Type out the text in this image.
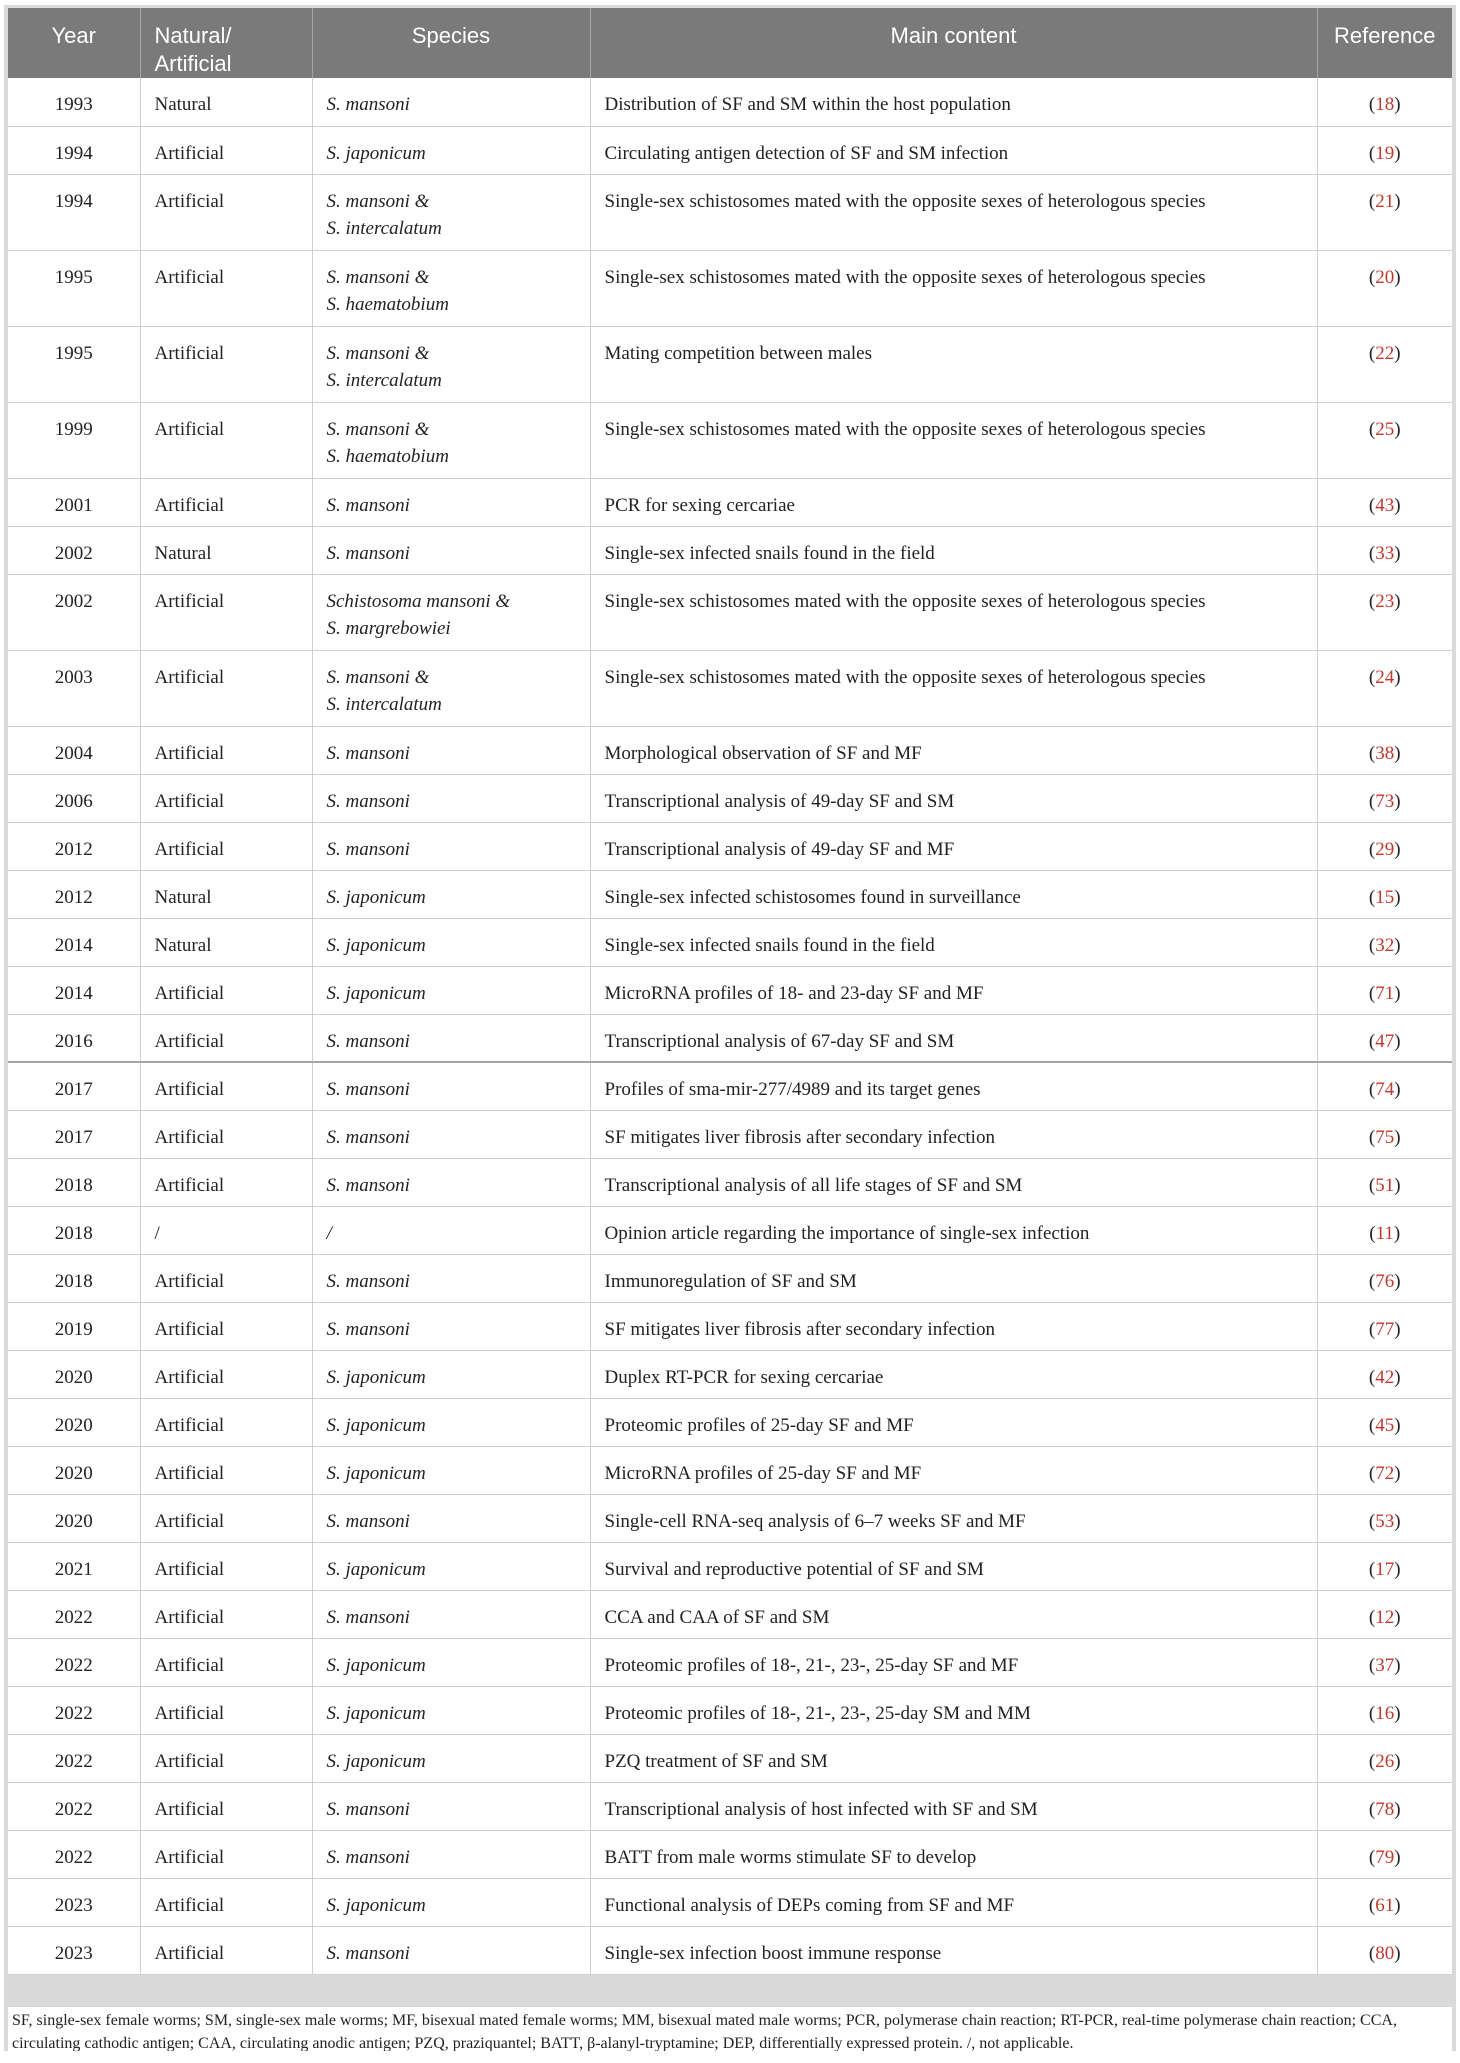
Year	Natural/ Artificial	Species	Main content	Reference
1993	Natural	S. mansoni	Distribution of SF and SM within the host population	(18)
1994	Artificial	S. japonicum	Circulating antigen detection of SF and SM infection	(19)
1994	Artificial	S. mansoni &
S. intercalatum	Single-sex schistosomes mated with the opposite sexes of heterologous species	(21)
1995	Artificial	S. mansoni &
S. haematobium	Single-sex schistosomes mated with the opposite sexes of heterologous species	(20)
1995	Artificial	S. mansoni &
S. intercalatum	Mating competition between males	(22)
1999	Artificial	S. mansoni &
S. haematobium	Single-sex schistosomes mated with the opposite sexes of heterologous species	(25)
2001	Artificial	S. mansoni	PCR for sexing cercariae	(43)
2002	Natural	S. mansoni	Single-sex infected snails found in the field	(33)
2002	Artificial	Schistosoma mansoni &
S. margrebowiei	Single-sex schistosomes mated with the opposite sexes of heterologous species	(23)
2003	Artificial	S. mansoni &
S. intercalatum	Single-sex schistosomes mated with the opposite sexes of heterologous species	(24)
2004	Artificial	S. mansoni	Morphological observation of SF and MF	(38)
2006	Artificial	S. mansoni	Transcriptional analysis of 49-day SF and SM	(73)
2012	Artificial	S. mansoni	Transcriptional analysis of 49-day SF and MF	(29)
2012	Natural	S. japonicum	Single-sex infected schistosomes found in surveillance	(15)
2014	Natural	S. japonicum	Single-sex infected snails found in the field	(32)
2014	Artificial	S. japonicum	MicroRNA profiles of 18- and 23-day SF and MF	(71)
2016	Artificial	S. mansoni	Transcriptional analysis of 67-day SF and SM	(47)
2017	Artificial	S. mansoni	Profiles of sma-mir-277/4989 and its target genes	(74)
2017	Artificial	S. mansoni	SF mitigates liver fibrosis after secondary infection	(75)
2018	Artificial	S. mansoni	Transcriptional analysis of all life stages of SF and SM	(51)
2018	/	/	Opinion article regarding the importance of single-sex infection	(11)
2018	Artificial	S. mansoni	Immunoregulation of SF and SM	(76)
2019	Artificial	S. mansoni	SF mitigates liver fibrosis after secondary infection	(77)
2020	Artificial	S. japonicum	Duplex RT-PCR for sexing cercariae	(42)
2020	Artificial	S. japonicum	Proteomic profiles of 25-day SF and MF	(45)
2020	Artificial	S. japonicum	MicroRNA profiles of 25-day SF and MF	(72)
2020	Artificial	S. mansoni	Single-cell RNA-seq analysis of 6–7 weeks SF and MF	(53)
2021	Artificial	S. japonicum	Survival and reproductive potential of SF and SM	(17)
2022	Artificial	S. mansoni	CCA and CAA of SF and SM	(12)
2022	Artificial	S. japonicum	Proteomic profiles of 18-, 21-, 23-, 25-day SF and MF	(37)
2022	Artificial	S. japonicum	Proteomic profiles of 18-, 21-, 23-, 25-day SM and MM	(16)
2022	Artificial	S. japonicum	PZQ treatment of SF and SM	(26)
2022	Artificial	S. mansoni	Transcriptional analysis of host infected with SF and SM	(78)
2022	Artificial	S. mansoni	BATT from male worms stimulate SF to develop	(79)
2023	Artificial	S. japonicum	Functional analysis of DEPs coming from SF and MF	(61)
2023	Artificial	S. mansoni	Single-sex infection boost immune response	(80)
SF, single-sex female worms; SM, single-sex male worms; MF, bisexual mated female worms; MM, bisexual mated male worms; PCR, polymerase chain reaction; RT-PCR, real-time polymerase chain reaction; CCA, circulating cathodic antigen; CAA, circulating anodic antigen; PZQ, praziquantel; BATT, β-alanyl-tryptamine; DEP, differentially expressed protein. /, not applicable.
